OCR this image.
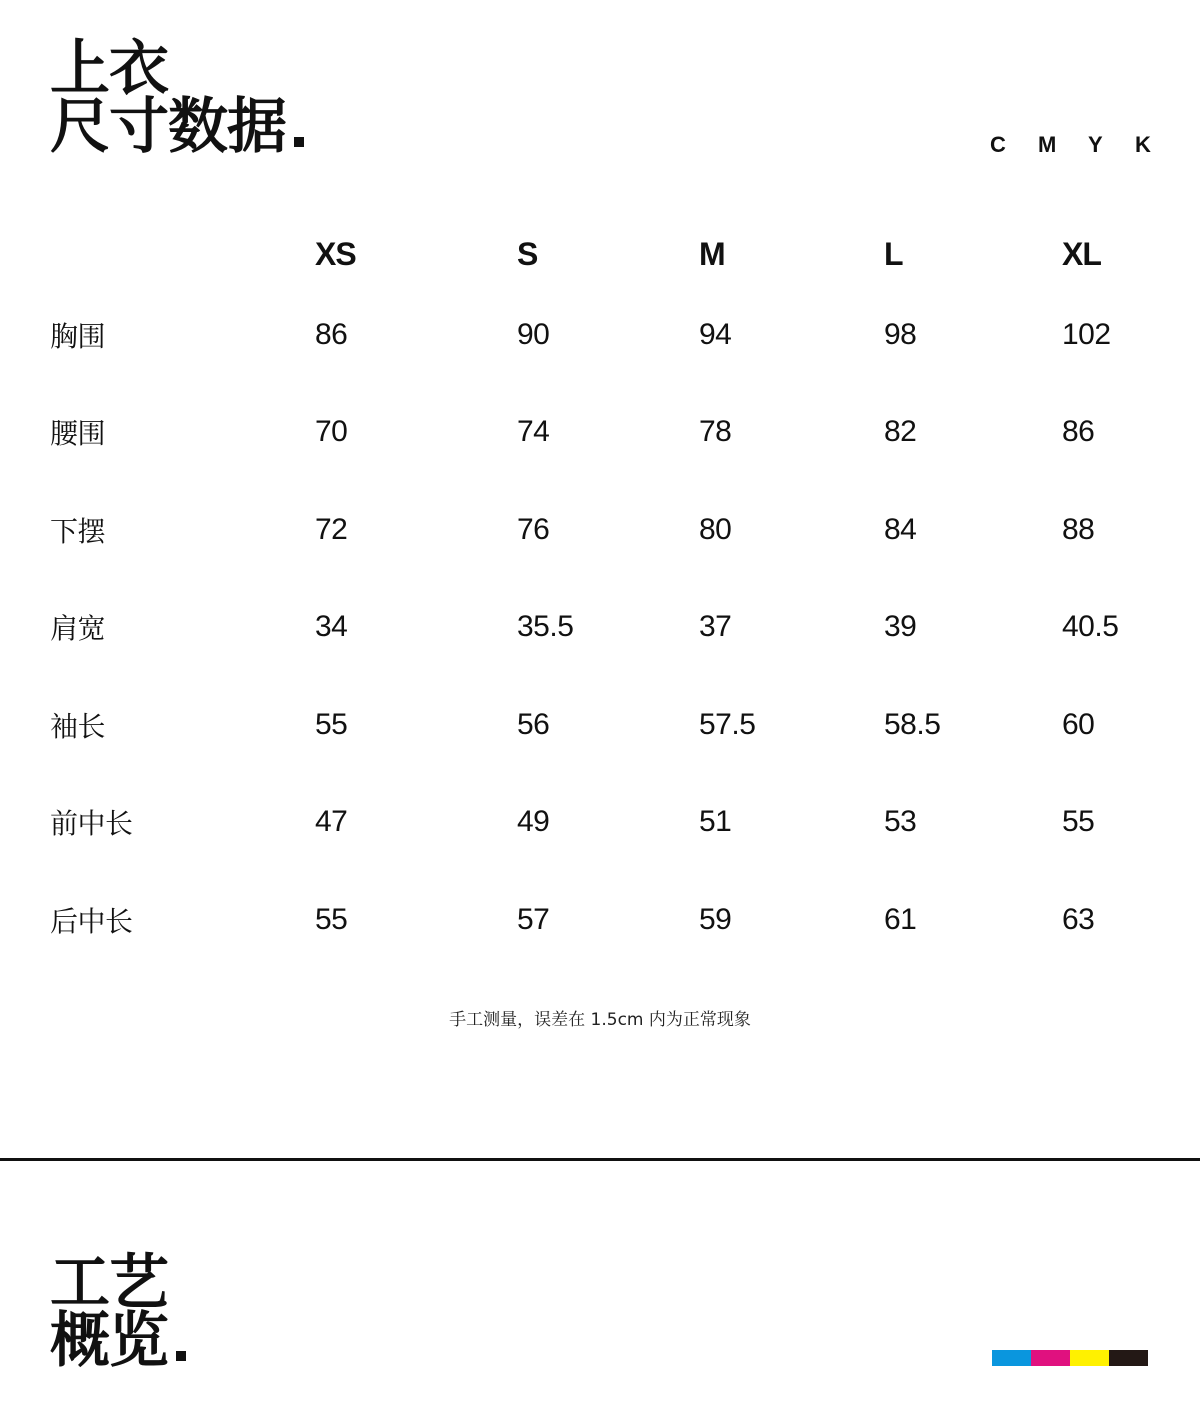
上衣
尺寸数据	C M Y K
	XS	S	M	L	XL
胸围	86	90	94	98	102
腰围	70	74	78	82	86
下摆	72	76	80	84	88
肩宽	34	35.5	37	39	40.5
袖长	55	56	57.5	58.5	60
前中长	47	49	51	53	55
后中长	55	57	59	61	63
手工测量，误差在 1.5cm 内为正常现象
工艺
概览
